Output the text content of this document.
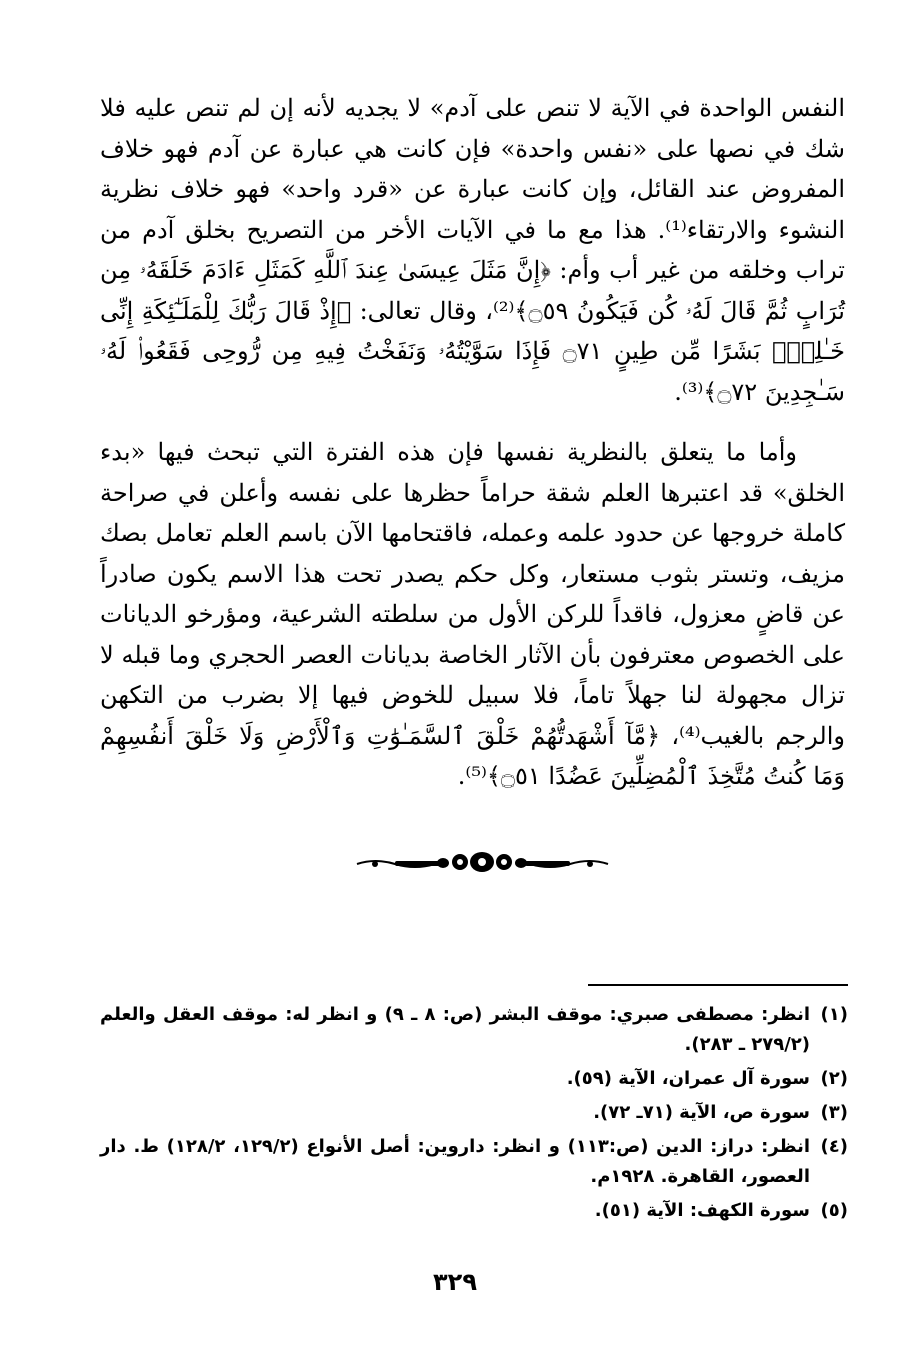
النفس الواحدة في الآية لا تنص على آدم» لا يجديه لأنه إن لم تنص عليه فلا شك في نصها على «نفس واحدة» فإن كانت هي عبارة عن آدم فهو خلاف المفروض عند القائل، وإن كانت عبارة عن «قرد واحد» فهو خلاف نظرية النشوء والارتقاء⁽¹⁾. هذا مع ما في الآيات الأخر من التصريح بخلق آدم من تراب وخلقه من غير أب وأم: ﴿إِنَّ مَثَلَ عِيسَىٰ عِندَ ٱللَّهِ كَمَثَلِ ءَادَمَ خَلَقَهُۥ مِن تُرَابٍ ثُمَّ قَالَ لَهُۥ كُن فَيَكُونُ ۝٥٩﴾⁽²⁾، وقال تعالى: ﴿إِذْ قَالَ رَبُّكَ لِلْمَلَـٰٓئِكَةِ إِنِّى خَـٰلِقٌۢ بَشَرًا مِّن طِينٍ ۝٧١ فَإِذَا سَوَّيْتُهُۥ وَنَفَخْتُ فِيهِ مِن رُّوحِى فَقَعُوا۟ لَهُۥ سَـٰجِدِينَ ۝٧٢﴾⁽³⁾.

وأما ما يتعلق بالنظرية نفسها فإن هذه الفترة التي تبحث فيها «بدء الخلق» قد اعتبرها العلم شقة حراماً حظرها على نفسه وأعلن في صراحة كاملة خروجها عن حدود علمه وعمله، فاقتحامها الآن باسم العلم تعامل بصك مزيف، وتستر بثوب مستعار، وكل حكم يصدر تحت هذا الاسم يكون صادراً عن قاضٍ معزول، فاقداً للركن الأول من سلطته الشرعية، ومؤرخو الديانات على الخصوص معترفون بأن الآثار الخاصة بديانات العصر الحجري وما قبله لا تزال مجهولة لنا جهلاً تاماً، فلا سبيل للخوض فيها إلا بضرب من التكهن والرجم بالغيب⁽⁴⁾، ﴿مَّآ أَشْهَدتُّهُمْ خَلْقَ ٱلسَّمَـٰوَٰتِ وَٱلْأَرْضِ وَلَا خَلْقَ أَنفُسِهِمْ وَمَا كُنتُ مُتَّخِذَ ٱلْمُضِلِّينَ عَضُدًا ۝٥١﴾⁽⁵⁾.

(١)
انظر: مصطفى صبري: موقف البشر (ص: ٨ ـ ٩) و انظر له: موقف العقل والعلم (٢٧٩/٢ ـ ٢٨٣).
(٢)
سورة آل عمران، الآية (٥٩).
(٣)
سورة ص، الآية (٧١ـ ٧٢).
(٤)
انظر: دراز: الدين (ص:١١٣) و انظر: داروين: أصل الأنواع (١٢٩/٢، ١٢٨/٢) ط. دار العصور، القاهرة. ١٩٢٨م.
(٥)
سورة الكهف: الآية (٥١).
٣٢٩
